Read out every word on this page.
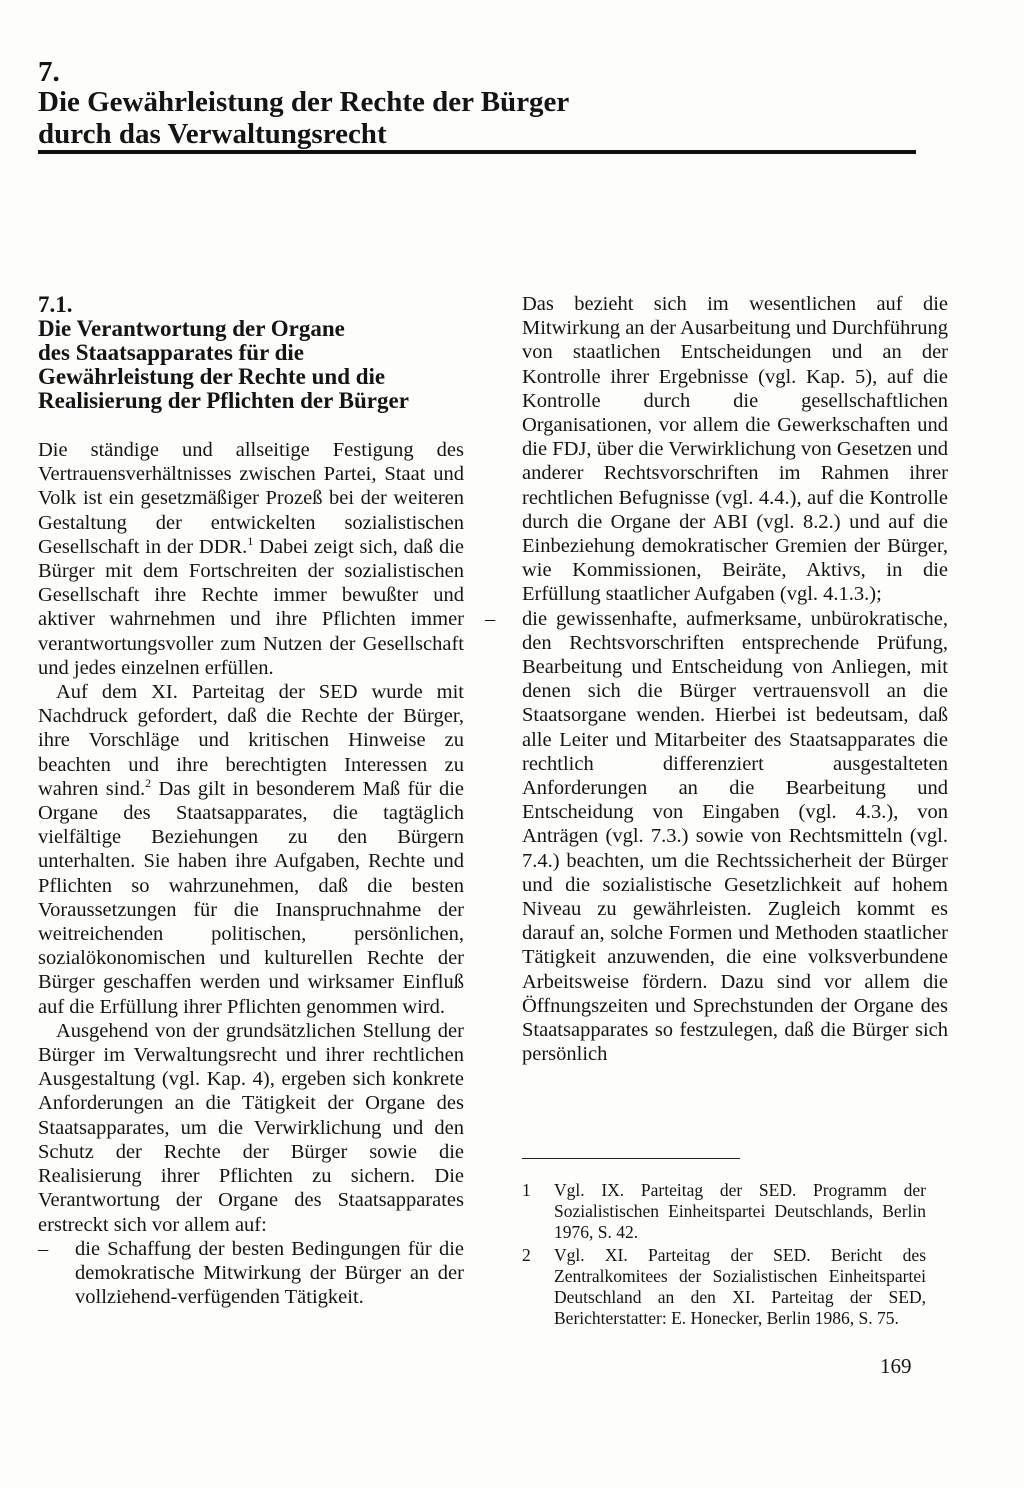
7.
Die Gewährleistung der Rechte der Bürger
durch das Verwaltungsrecht
7.1.
Die Verantwortung der Organe
des Staatsapparates für die
Gewährleistung der Rechte und die
Realisierung der Pflichten der Bürger

Die ständige und allseitige Festigung des Vertrauensverhältnisses zwischen Partei, Staat und Volk ist ein gesetzmäßiger Prozeß bei der weiteren Gestaltung der entwickelten sozialistischen Gesellschaft in der DDR.$^1$ Dabei zeigt sich, daß die Bürger mit dem Fortschreiten der sozialistischen Gesellschaft ihre Rechte immer bewußter und aktiver wahrnehmen und ihre Pflichten immer verantwortungsvoller zum Nutzen der Gesellschaft und jedes einzelnen erfüllen.

Auf dem XI. Parteitag der SED wurde mit Nachdruck gefordert, daß die Rechte der Bürger, ihre Vorschläge und kritischen Hinweise zu beachten und ihre berechtigten Interessen zu wahren sind.$^2$ Das gilt in besonderem Maß für die Organe des Staatsapparates, die tagtäglich vielfältige Beziehungen zu den Bürgern unterhalten. Sie haben ihre Aufgaben, Rechte und Pflichten so wahrzunehmen, daß die besten Voraussetzungen für die Inanspruchnahme der weitreichenden politischen, persönlichen, sozialökonomischen und kulturellen Rechte der Bürger geschaffen werden und wirksamer Einfluß auf die Erfüllung ihrer Pflichten genommen wird.

Ausgehend von der grundsätzlichen Stellung der Bürger im Verwaltungsrecht und ihrer rechtlichen Ausgestaltung (vgl. Kap. 4), ergeben sich konkrete Anforderungen an die Tätigkeit der Organe des Staatsapparates, um die Verwirklichung und den Schutz der Rechte der Bürger sowie die Realisierung ihrer Pflichten zu sichern. Die Verantwortung der Organe des Staatsapparates erstreckt sich vor allem auf:

– die Schaffung der besten Bedingungen für die demokratische Mitwirkung der Bürger an der vollziehend-verfügenden Tätigkeit.
Das bezieht sich im wesentlichen auf die Mitwirkung an der Ausarbeitung und Durchführung von staatlichen Entscheidungen und an der Kontrolle ihrer Ergebnisse (vgl. Kap. 5), auf die Kontrolle durch die gesellschaftlichen Organisationen, vor allem die Gewerkschaften und die FDJ, über die Verwirklichung von Gesetzen und anderer Rechtsvorschriften im Rahmen ihrer rechtlichen Befugnisse (vgl. 4.4.), auf die Kontrolle durch die Organe der ABI (vgl. 8.2.) und auf die Einbeziehung demokratischer Gremien der Bürger, wie Kommissionen, Beiräte, Aktivs, in die Erfüllung staatlicher Aufgaben (vgl. 4.1.3.);
– die gewissenhafte, aufmerksame, unbürokratische, den Rechtsvorschriften entsprechende Prüfung, Bearbeitung und Entscheidung von Anliegen, mit denen sich die Bürger vertrauensvoll an die Staatsorgane wenden. Hierbei ist bedeutsam, daß alle Leiter und Mitarbeiter des Staatsapparates die rechtlich differenziert ausgestalteten Anforderungen an die Bearbeitung und Entscheidung von Eingaben (vgl. 4.3.), von Anträgen (vgl. 7.3.) sowie von Rechtsmitteln (vgl. 7.4.) beachten, um die Rechtssicherheit der Bürger und die sozialistische Gesetzlichkeit auf hohem Niveau zu gewährleisten. Zugleich kommt es darauf an, solche Formen und Methoden staatlicher Tätigkeit anzuwenden, die eine volksverbundene Arbeitsweise fördern. Dazu sind vor allem die Öffnungszeiten und Sprechstunden der Organe des Staatsapparates so festzulegen, daß die Bürger sich persönlich
1 Vgl. IX. Parteitag der SED. Programm der Sozialistischen Einheitspartei Deutschlands, Berlin 1976, S. 42.
2 Vgl. XI. Parteitag der SED. Bericht des Zentralkomitees der Sozialistischen Einheitspartei Deutschland an den XI. Parteitag der SED, Berichterstatter: E. Honecker, Berlin 1986, S. 75.
169
